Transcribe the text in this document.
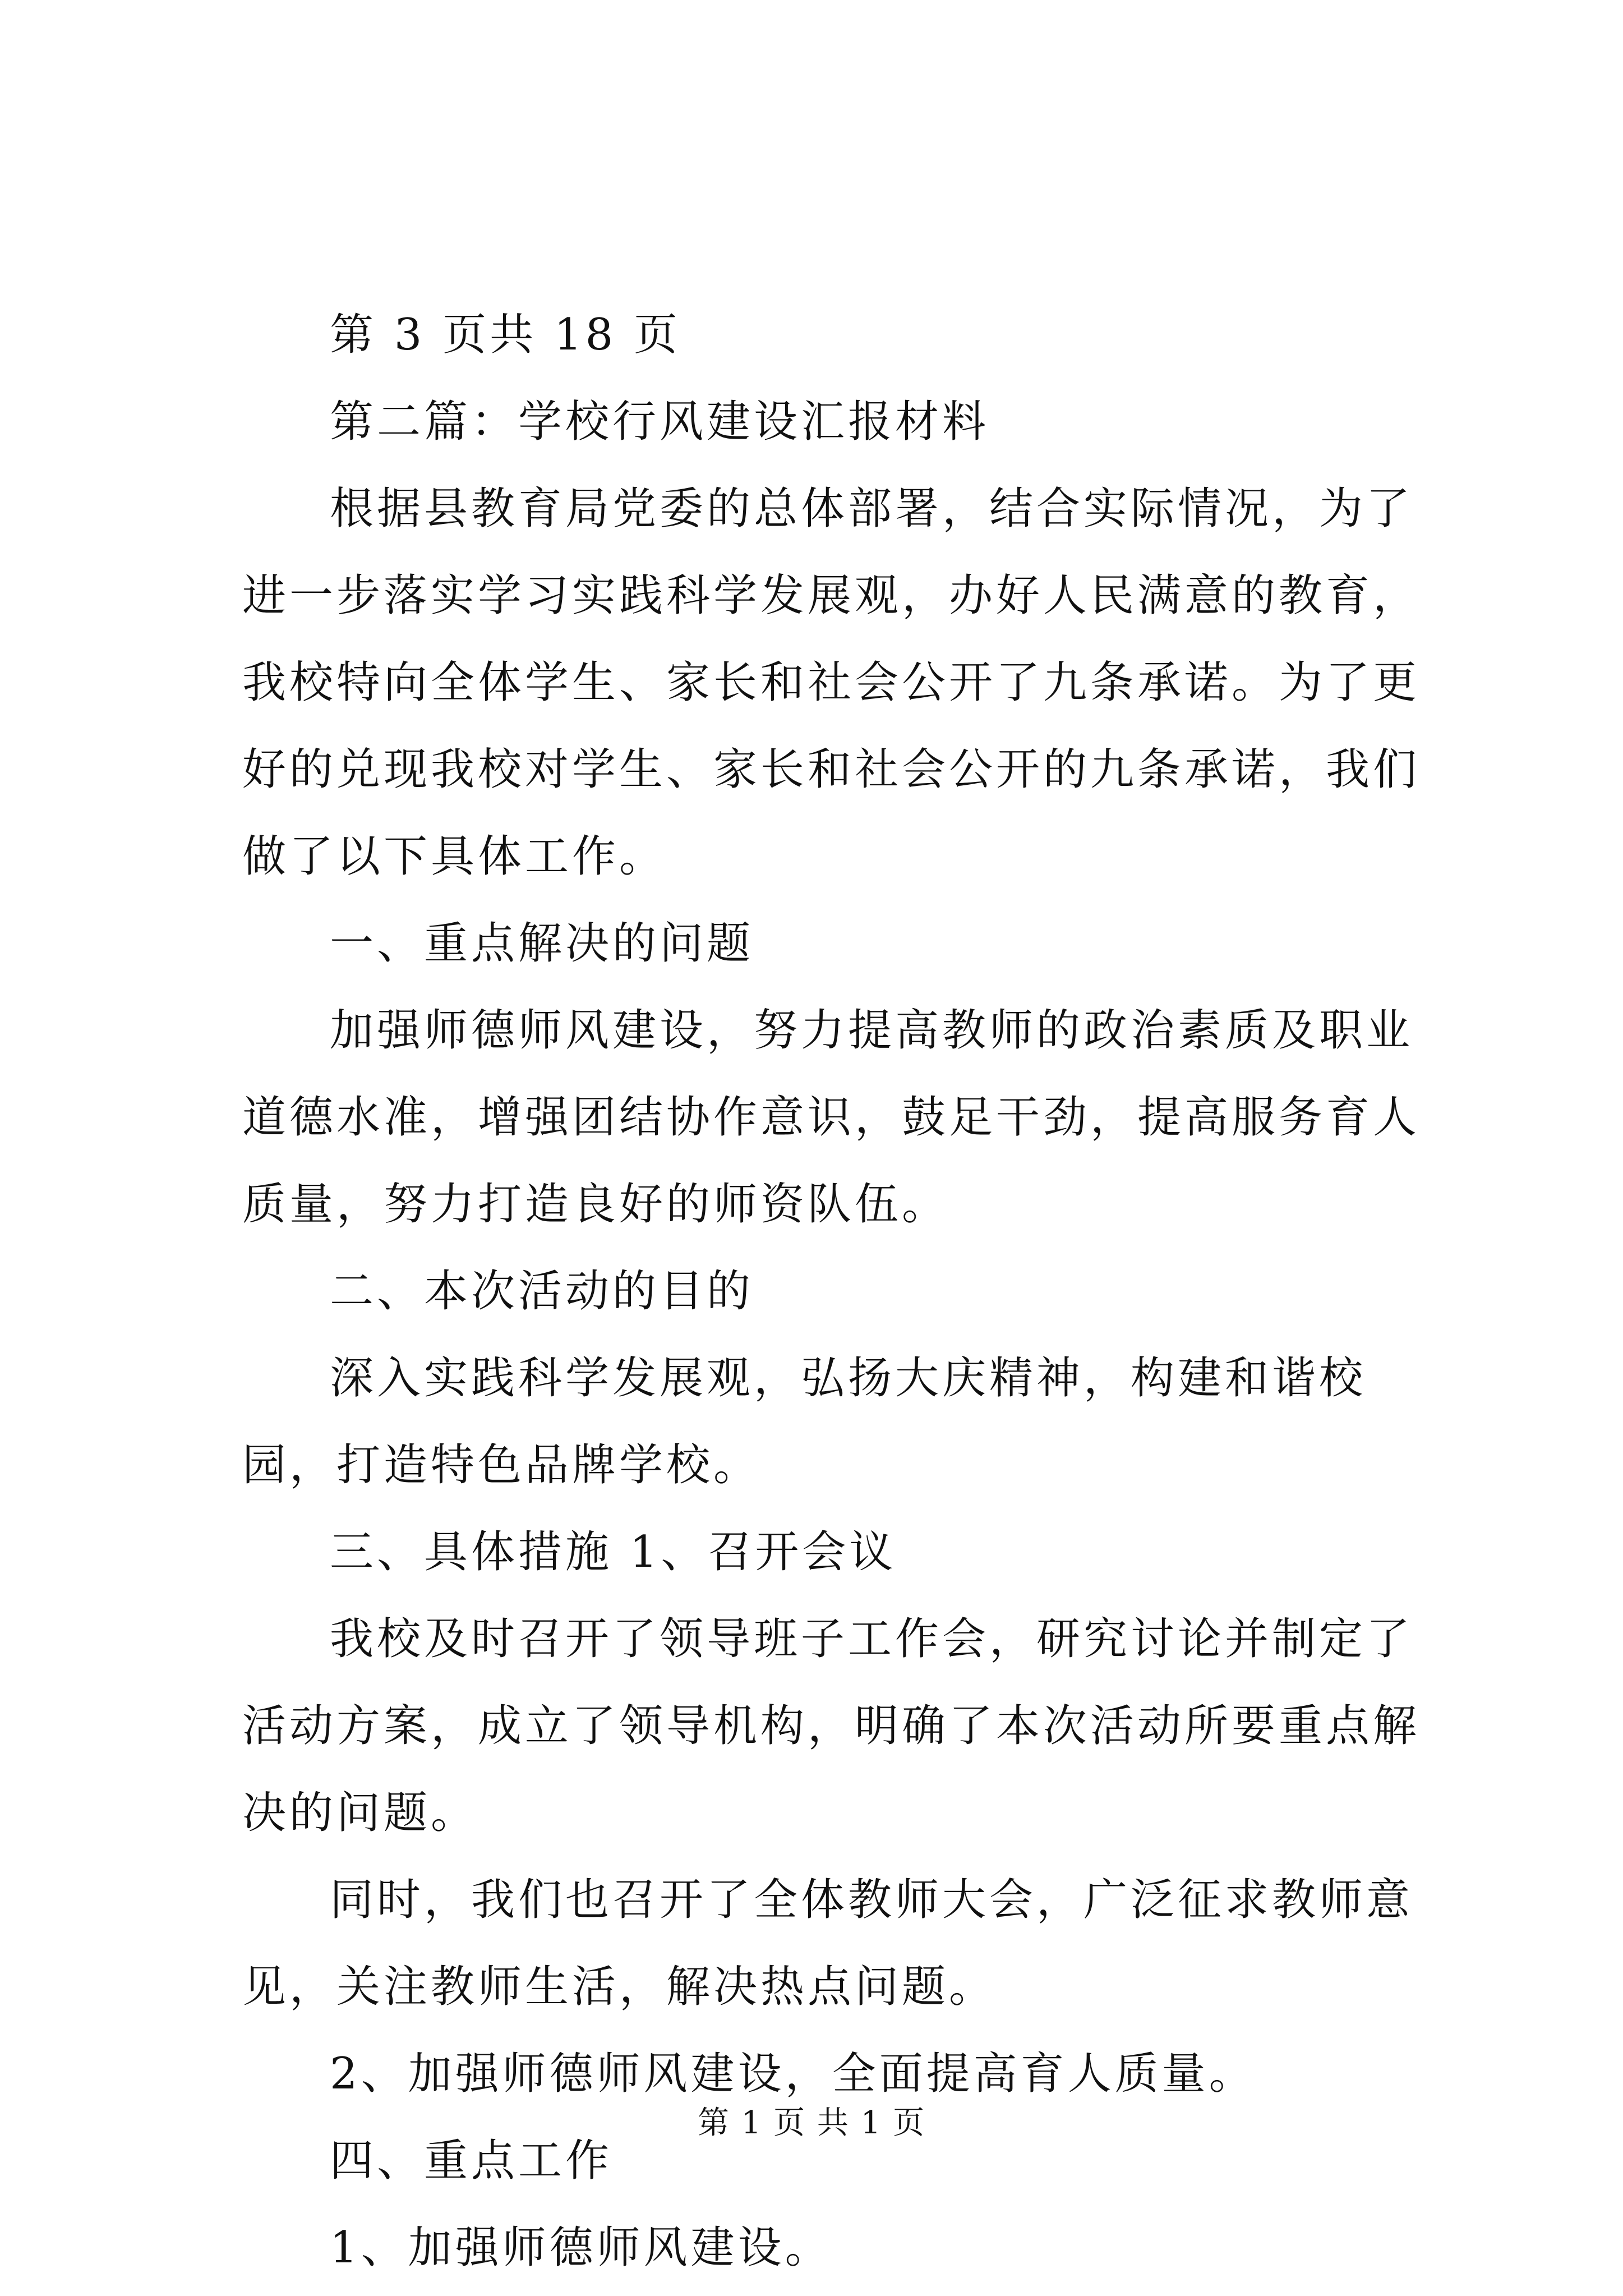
第 3 页共 18 页

第二篇：学校行风建设汇报材料

根据县教育局党委的总体部署，结合实际情况，为了进一步落实学习实践科学发展观，办好人民满意的教育，我校特向全体学生、家长和社会公开了九条承诺。为了更好的兑现我校对学生、家长和社会公开的九条承诺，我们做了以下具体工作。

一、重点解决的问题

加强师德师风建设，努力提高教师的政治素质及职业道德水准，增强团结协作意识，鼓足干劲，提高服务育人质量，努力打造良好的师资队伍。

二、本次活动的目的

深入实践科学发展观，弘扬大庆精神，构建和谐校园，打造特色品牌学校。

三、具体措施 1、召开会议

我校及时召开了领导班子工作会，研究讨论并制定了活动方案，成立了领导机构，明确了本次活动所要重点解决的问题。

同时，我们也召开了全体教师大会，广泛征求教师意见，关注教师生活，解决热点问题。

2、加强师德师风建设，全面提高育人质量。

四、重点工作

1、加强师德师风建设。

第 1 页 共 1 页
